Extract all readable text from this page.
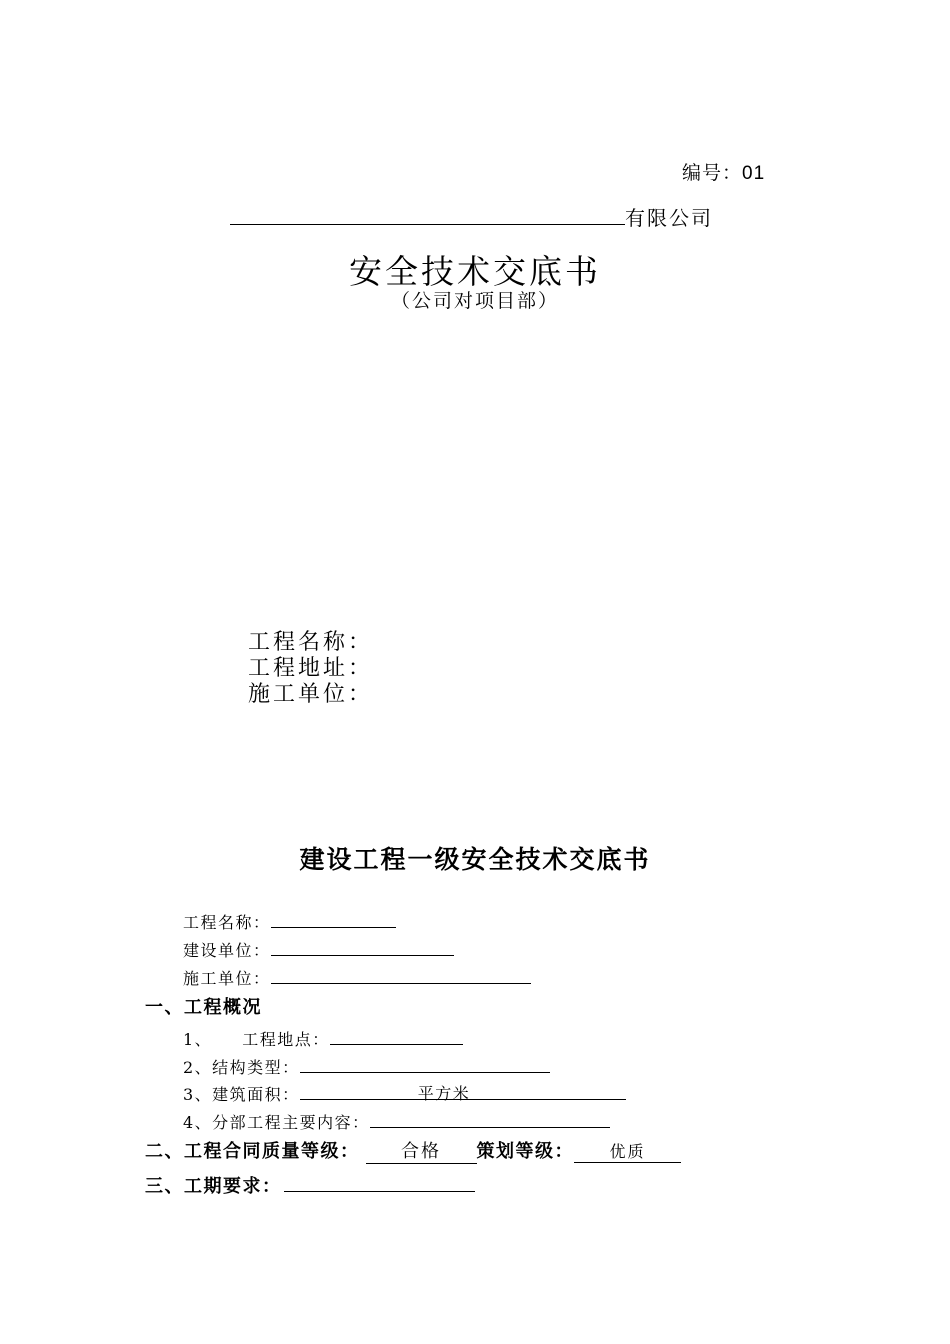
编号：01
有限公司
安全技术交底书
（公司对项目部）
工程名称：
工程地址：
施工单位：
建设工程一级安全技术交底书
工程名称：
建设单位：
施工单位：
一、工程概况
1、 工程地点：
2、结构类型：
3、建筑面积：	平方米
4、分部工程主要内容：
二、工程合同质量等级： 合格 策划等级： 优质
三、工期要求：
